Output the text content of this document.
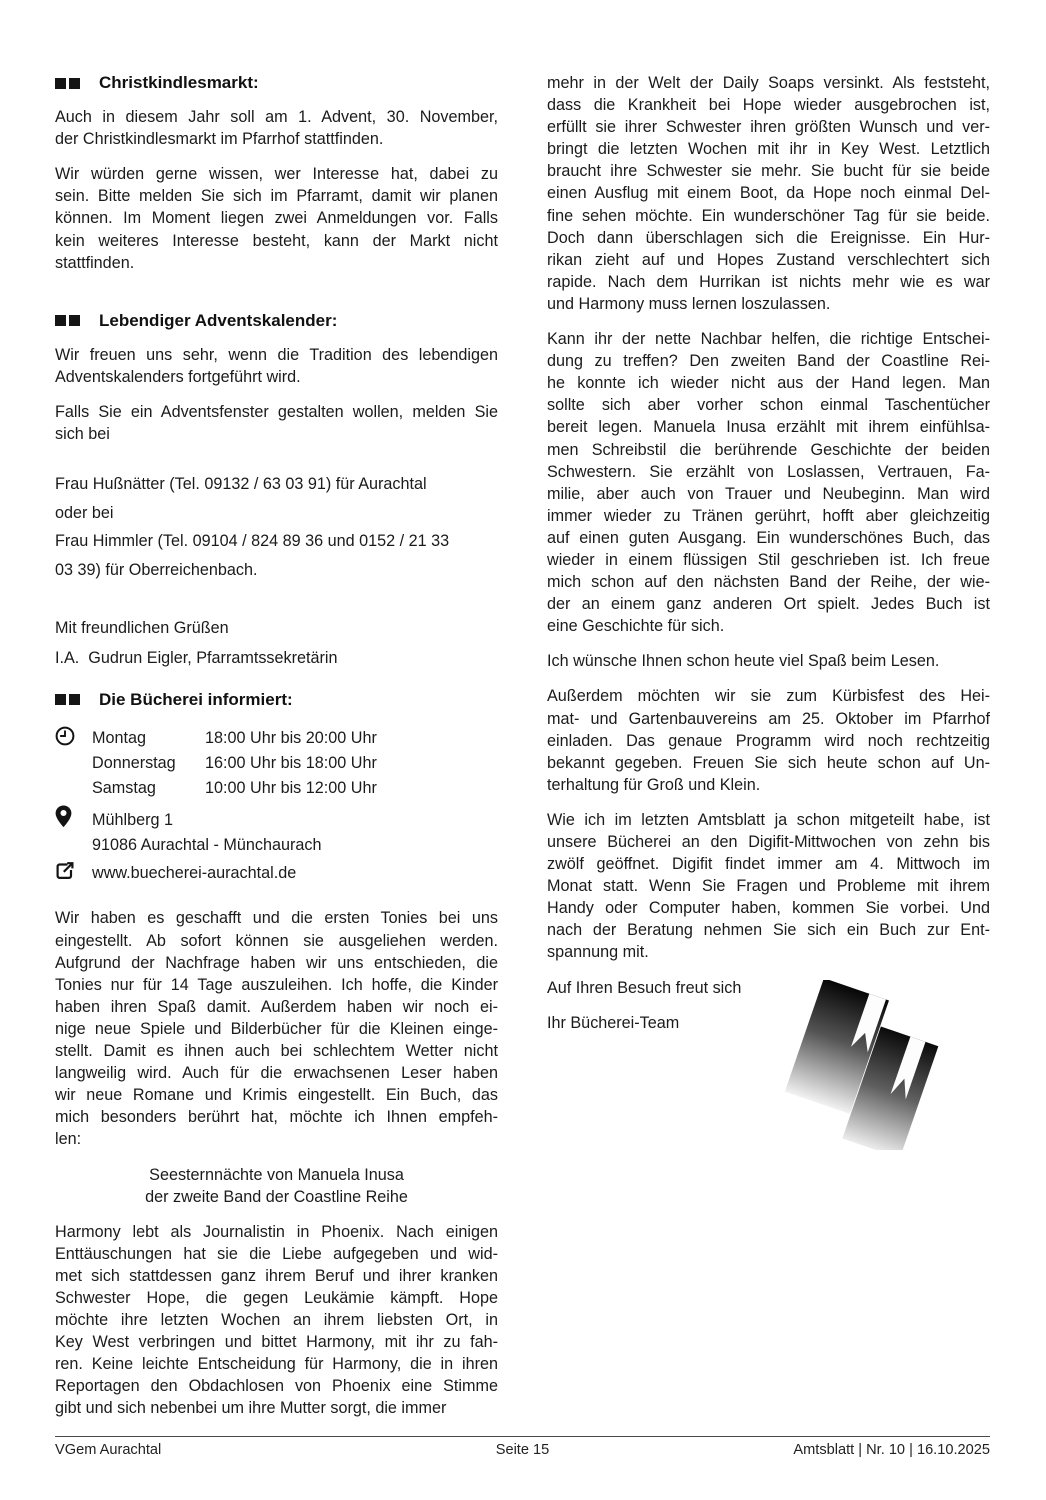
Christkindlesmarkt:
Auch in diesem Jahr soll am 1. Advent, 30. November,
der Christkindlesmarkt im Pfarrhof stattfinden.
Wir würden gerne wissen, wer Interesse hat, dabei zu
sein. Bitte melden Sie sich im Pfarramt, damit wir planen
können. Im Moment liegen zwei Anmeldungen vor. Falls
kein weiteres Interesse besteht, kann der Markt nicht
stattfinden.
Lebendiger Adventskalender:
Wir freuen uns sehr, wenn die Tradition des lebendigen
Adventskalenders fortgeführt wird.
Falls Sie ein Adventsfenster gestalten wollen, melden Sie
sich bei
Frau Hußnätter (Tel. 09132 / 63 03 91) für Aurachtal
oder bei
Frau Himmler (Tel. 09104 / 824 89 36 und 0152 / 21 33
03 39) für Oberreichenbach.
Mit freundlichen Grüßen
I.A.  Gudrun Eigler, Pfarramtssekretärin
Die Bücherei informiert:
Montag	18:00 Uhr bis 20:00 Uhr
Donnerstag	16:00 Uhr bis 18:00 Uhr
Samstag	10:00 Uhr bis 12:00 Uhr
Mühlberg 1
91086 Aurachtal - Münchaurach
www.buecherei-aurachtal.de
Wir haben es geschafft und die ersten Tonies bei uns
eingestellt. Ab sofort können sie ausgeliehen werden.
Aufgrund der Nachfrage haben wir uns entschieden, die
Tonies nur für 14 Tage auszuleihen. Ich hoffe, die Kinder
haben ihren Spaß damit. Außerdem haben wir noch ei-
nige neue Spiele und Bilderbücher für die Kleinen einge-
stellt. Damit es ihnen auch bei schlechtem Wetter nicht
langweilig wird. Auch für die erwachsenen Leser haben
wir neue Romane und Krimis eingestellt. Ein Buch, das
mich besonders berührt hat, möchte ich Ihnen empfeh-
len:
Seesternnächte von Manuela Inusa
der zweite Band der Coastline Reihe
Harmony lebt als Journalistin in Phoenix. Nach einigen
Enttäuschungen hat sie die Liebe aufgegeben und wid-
met sich stattdessen ganz ihrem Beruf und ihrer kranken
Schwester Hope, die gegen Leukämie kämpft. Hope
möchte ihre letzten Wochen an ihrem liebsten Ort, in
Key West verbringen und bittet Harmony, mit ihr zu fah-
ren. Keine leichte Entscheidung für Harmony, die in ihren
Reportagen den Obdachlosen von Phoenix eine Stimme
gibt und sich nebenbei um ihre Mutter sorgt, die immer
mehr in der Welt der Daily Soaps versinkt. Als feststeht,
dass die Krankheit bei Hope wieder ausgebrochen ist,
erfüllt sie ihrer Schwester ihren größten Wunsch und ver-
bringt die letzten Wochen mit ihr in Key West. Letztlich
braucht ihre Schwester sie mehr. Sie bucht für sie beide
einen Ausflug mit einem Boot, da Hope noch einmal Del-
fine sehen möchte. Ein wunderschöner Tag für sie beide.
Doch dann überschlagen sich die Ereignisse. Ein Hur-
rikan zieht auf und Hopes Zustand verschlechtert sich
rapide. Nach dem Hurrikan ist nichts mehr wie es war
und Harmony muss lernen loszulassen.
Kann ihr der nette Nachbar helfen, die richtige Entschei-
dung zu treffen? Den zweiten Band der Coastline Rei-
he konnte ich wieder nicht aus der Hand legen. Man
sollte sich aber vorher schon einmal Taschentücher
bereit legen. Manuela Inusa erzählt mit ihrem einfühlsa-
men Schreibstil die berührende Geschichte der beiden
Schwestern. Sie erzählt von Loslassen, Vertrauen, Fa-
milie, aber auch von Trauer und Neubeginn. Man wird
immer wieder zu Tränen gerührt, hofft aber gleichzeitig
auf einen guten Ausgang. Ein wunderschönes Buch, das
wieder in einem flüssigen Stil geschrieben ist. Ich freue
mich schon auf den nächsten Band der Reihe, der wie-
der an einem ganz anderen Ort spielt. Jedes Buch ist
eine Geschichte für sich.
Ich wünsche Ihnen schon heute viel Spaß beim Lesen.
Außerdem möchten wir sie zum Kürbisfest des Hei-
mat- und Gartenbauvereins am 25. Oktober im Pfarrhof
einladen. Das genaue Programm wird noch rechtzeitig
bekannt gegeben. Freuen Sie sich heute schon auf Un-
terhaltung für Groß und Klein.
Wie ich im letzten Amtsblatt ja schon mitgeteilt habe, ist
unsere Bücherei an den Digifit-Mittwochen von zehn bis
zwölf geöffnet. Digifit findet immer am 4. Mittwoch im
Monat statt. Wenn Sie Fragen und Probleme mit ihrem
Handy oder Computer haben, kommen Sie vorbei. Und
nach der Beratung nehmen Sie sich ein Buch zur Ent-
spannung mit.
Auf Ihren Besuch freut sich
Ihr Bücherei-Team
VGem Aurachtal	Seite 15	Amtsblatt | Nr. 10 | 16.10.2025
